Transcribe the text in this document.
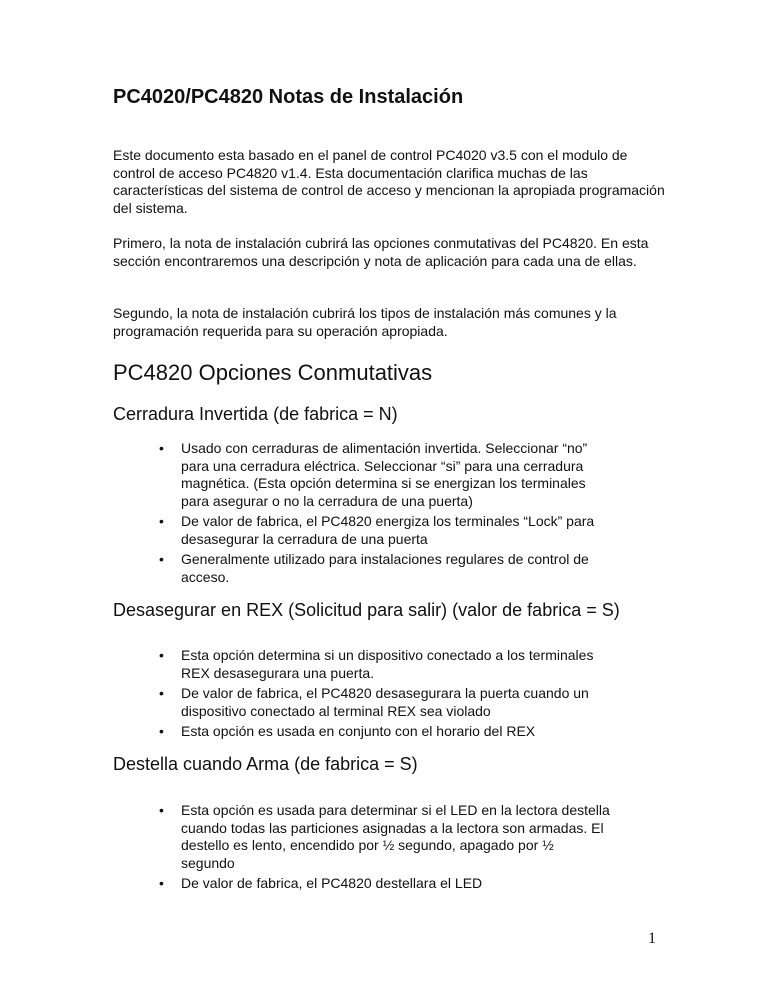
PC4020/PC4820 Notas de Instalación

Este documento esta basado en el panel de control PC4020 v3.5 con el modulo de control de acceso PC4820 v1.4. Esta documentación clarifica muchas de las características del sistema de control de acceso y mencionan la apropiada programación del sistema.

Primero, la nota de instalación cubrirá las opciones conmutativas del PC4820. En esta sección encontraremos una descripción y nota de aplicación para cada una de ellas.

Segundo, la nota de instalación cubrirá los tipos de instalación más comunes y la programación requerida para su operación apropiada.

PC4820 Opciones Conmutativas
Cerradura Invertida (de fabrica = N)
• Usado con cerraduras de alimentación invertida. Seleccionar “no” para una cerradura eléctrica. Seleccionar “si” para una cerradura magnética. (Esta opción determina si se energizan los terminales para asegurar o no la cerradura de una puerta)
• De valor de fabrica, el PC4820 energiza los terminales “Lock” para desasegurar la cerradura de una puerta
• Generalmente utilizado para instalaciones regulares de control de acceso.
Desasegurar en REX (Solicitud para salir) (valor de fabrica = S)
• Esta opción determina si un dispositivo conectado a los terminales REX desasegurara una puerta.
• De valor de fabrica, el PC4820 desasegurara la puerta cuando un dispositivo conectado al terminal REX sea violado
• Esta opción es usada en conjunto con el horario del REX
Destella cuando Arma (de fabrica = S)
• Esta opción es usada para determinar si el LED en la lectora destella cuando todas las particiones asignadas a la lectora son armadas. El destello es lento, encendido por ½ segundo, apagado por ½ segundo
• De valor de fabrica, el PC4820 destellara el LED
1
